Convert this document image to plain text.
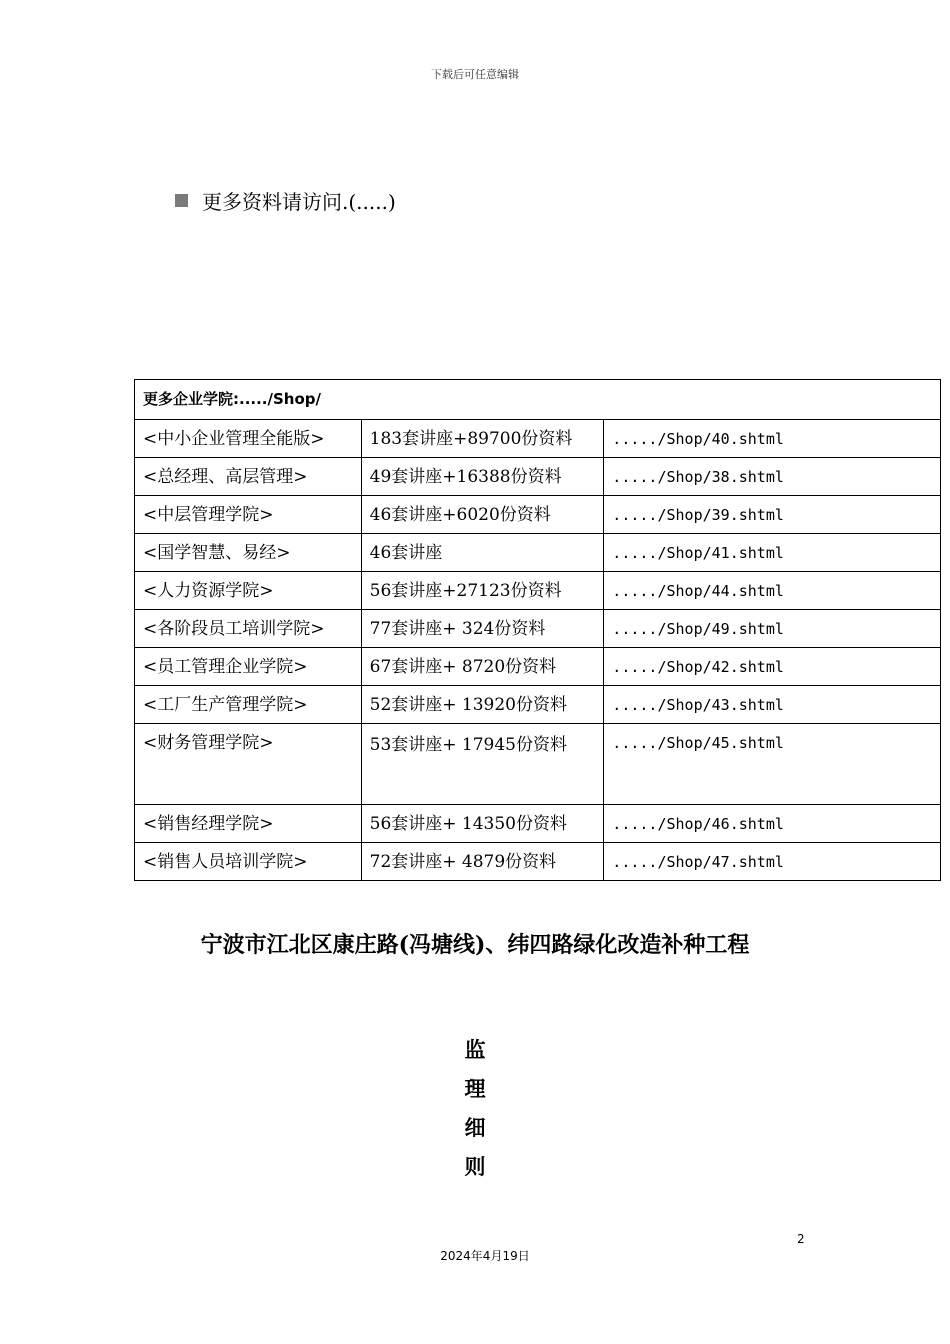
下载后可任意编辑
更多资料请访问.(.....)
更多企业学院:...../Shop/		
<中小企业管理全能版>	183套讲座+89700份资料	...../Shop/40.shtml
<总经理、高层管理>	49套讲座+16388份资料	...../Shop/38.shtml
<中层管理学院>	46套讲座+6020份资料	...../Shop/39.shtml
<国学智慧、易经>	46套讲座	...../Shop/41.shtml
<人力资源学院>	56套讲座+27123份资料	...../Shop/44.shtml
<各阶段员工培训学院>	77套讲座+ 324份资料	...../Shop/49.shtml
<员工管理企业学院>	67套讲座+ 8720份资料	...../Shop/42.shtml
<工厂生产管理学院>	52套讲座+ 13920份资料	...../Shop/43.shtml
<财务管理学院>	53套讲座+ 17945份资料	...../Shop/45.shtml
<销售经理学院>	56套讲座+ 14350份资料	...../Shop/46.shtml
<销售人员培训学院>	72套讲座+ 4879份资料	...../Shop/47.shtml
宁波市江北区康庄路(冯塘线)、纬四路绿化改造补种工程
监
理
细
则
2
2024年4月19日
